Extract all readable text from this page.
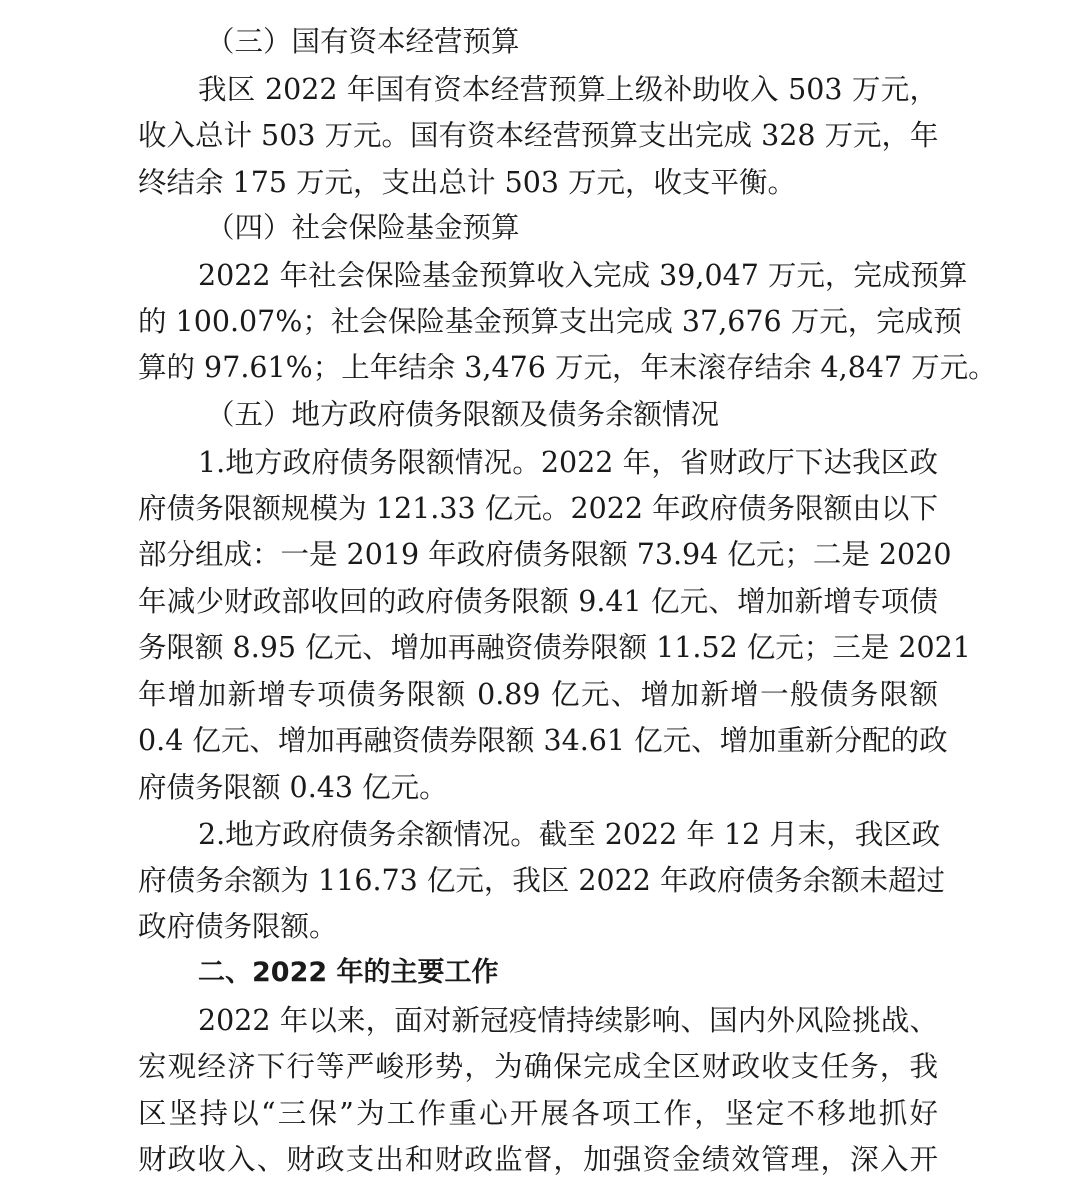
（三）国有资本经营预算
我区 2022 年国有资本经营预算上级补助收入 503 万元，
收入总计 503 万元。国有资本经营预算支出完成 328 万元，年
终结余 175 万元，支出总计 503 万元，收支平衡。
（四）社会保险基金预算
2022 年社会保险基金预算收入完成 39,047 万元，完成预算
的 100.07%；社会保险基金预算支出完成 37,676 万元，完成预
算的 97.61%；上年结余 3,476 万元，年末滚存结余 4,847 万元。
（五）地方政府债务限额及债务余额情况
1.地方政府债务限额情况。2022 年，省财政厅下达我区政
府债务限额规模为 121.33 亿元。2022 年政府债务限额由以下
部分组成：一是 2019 年政府债务限额 73.94 亿元；二是 2020
年减少财政部收回的政府债务限额 9.41 亿元、增加新增专项债
务限额 8.95 亿元、增加再融资债券限额 11.52 亿元；三是 2021
年增加新增专项债务限额 0.89 亿元、增加新增一般债务限额
0.4 亿元、增加再融资债券限额 34.61 亿元、增加重新分配的政
府债务限额 0.43 亿元。
2.地方政府债务余额情况。截至 2022 年 12 月末，我区政
府债务余额为 116.73 亿元，我区 2022 年政府债务余额未超过
政府债务限额。
二、2022 年的主要工作
2022 年以来，面对新冠疫情持续影响、国内外风险挑战、
宏观经济下行等严峻形势，为确保完成全区财政收支任务，我
区坚持以“三保”为工作重心开展各项工作，坚定不移地抓好
财政收入、财政支出和财政监督，加强资金绩效管理，深入开
